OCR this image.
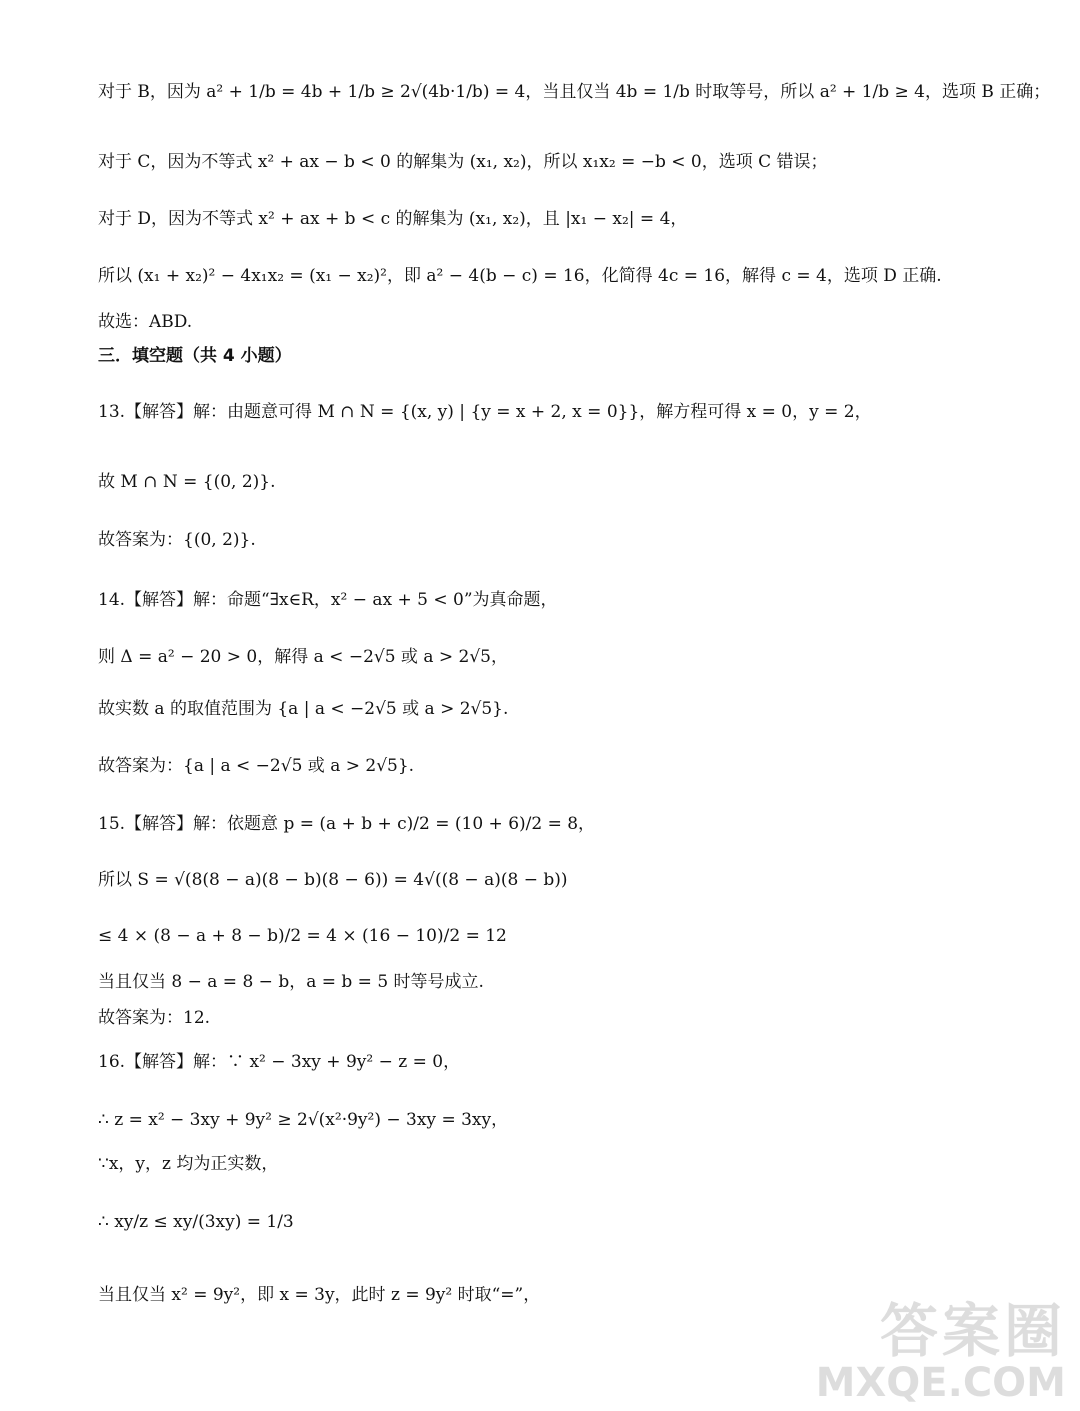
对于 B，因为 a² + 1/b = 4b + 1/b ≥ 2√(4b·1/b) = 4，当且仅当 4b = 1/b 时取等号，所以 a² + 1/b ≥ 4，选项 B 正确；
对于 C，因为不等式 x² + ax − b < 0 的解集为 (x₁, x₂)，所以 x₁x₂ = −b < 0，选项 C 错误；
对于 D，因为不等式 x² + ax + b < c 的解集为 (x₁, x₂)，且 |x₁ − x₂| = 4，
所以 (x₁ + x₂)² − 4x₁x₂ = (x₁ − x₂)²，即 a² − 4(b − c) = 16，化简得 4c = 16，解得 c = 4，选项 D 正确.
故选：ABD.
三．填空题（共 4 小题）
13.【解答】解：由题意可得 M ∩ N = {(x, y) | {y = x + 2, x = 0}}，解方程可得 x = 0，y = 2，
故 M ∩ N = {(0, 2)}.
故答案为：{(0, 2)}.
14.【解答】解：命题“∃x∈R，x² − ax + 5 < 0”为真命题，
则 Δ = a² − 20 > 0，解得 a < −2√5 或 a > 2√5，
故实数 a 的取值范围为 {a | a < −2√5 或 a > 2√5}.
故答案为：{a | a < −2√5 或 a > 2√5}.
15.【解答】解：依题意 p = (a + b + c)/2 = (10 + 6)/2 = 8，
所以 S = √(8(8 − a)(8 − b)(8 − 6)) = 4√((8 − a)(8 − b))
≤ 4 × (8 − a + 8 − b)/2 = 4 × (16 − 10)/2 = 12
当且仅当 8 − a = 8 − b，a = b = 5 时等号成立.
故答案为：12.
16.【解答】解：∵ x² − 3xy + 9y² − z = 0，
∴ z = x² − 3xy + 9y² ≥ 2√(x²·9y²) − 3xy = 3xy，
∵x，y，z 均为正实数，
∴ xy/z ≤ xy/(3xy) = 1/3
当且仅当 x² = 9y²，即 x = 3y，此时 z = 9y² 时取“=”，
答案圈
MXQE.COM
